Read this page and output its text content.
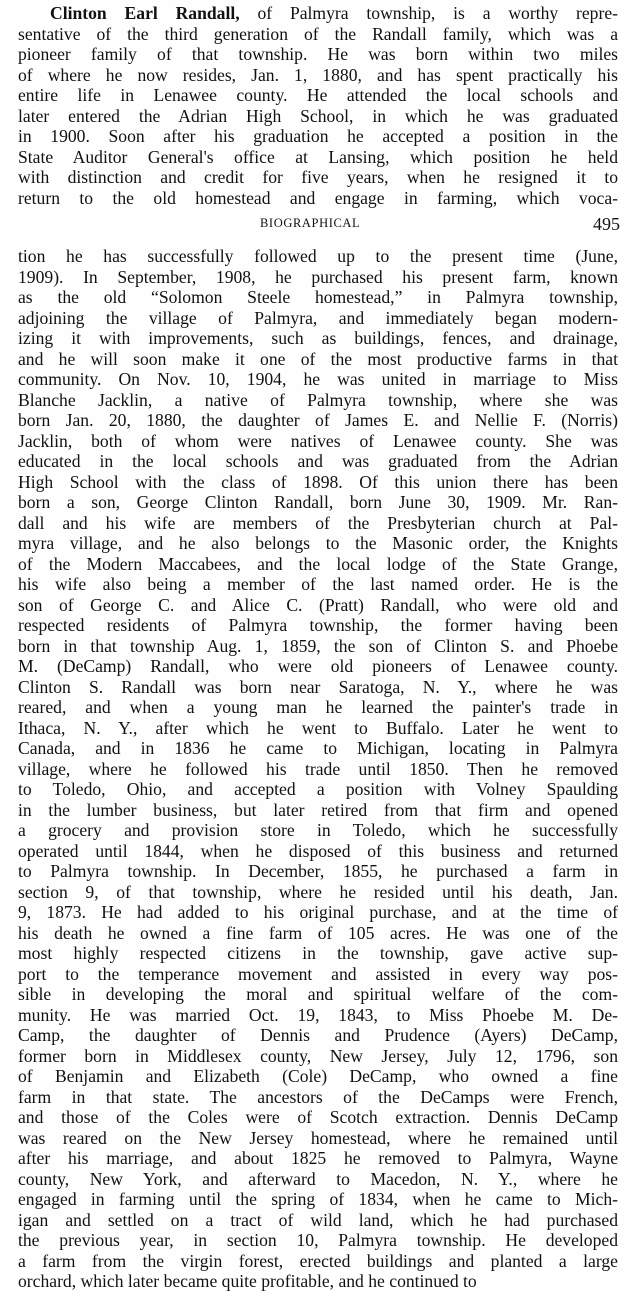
Clinton Earl Randall, of Palmyra township, is a worthy repre-
sentative of the third generation of the Randall family, which was a
pioneer family of that township. He was born within two miles
of where he now resides, Jan. 1, 1880, and has spent practically his
entire life in Lenawee county. He attended the local schools and
later entered the Adrian High School, in which he was graduated
in 1900. Soon after his graduation he accepted a position in the
State Auditor General's office at Lansing, which position he held
with distinction and credit for five years, when he resigned it to
return to the old homestead and engage in farming, which voca-
BIOGRAPHICAL	495
tion he has successfully followed up to the present time (June,
1909). In September, 1908, he purchased his present farm, known
as the old “Solomon Steele homestead,” in Palmyra township,
adjoining the village of Palmyra, and immediately began modern-
izing it with improvements, such as buildings, fences, and drainage,
and he will soon make it one of the most productive farms in that
community. On Nov. 10, 1904, he was united in marriage to Miss
Blanche Jacklin, a native of Palmyra township, where she was
born Jan. 20, 1880, the daughter of James E. and Nellie F. (Norris)
Jacklin, both of whom were natives of Lenawee county. She was
educated in the local schools and was graduated from the Adrian
High School with the class of 1898. Of this union there has been
born a son, George Clinton Randall, born June 30, 1909. Mr. Ran-
dall and his wife are members of the Presbyterian church at Pal-
myra village, and he also belongs to the Masonic order, the Knights
of the Modern Maccabees, and the local lodge of the State Grange,
his wife also being a member of the last named order. He is the
son of George C. and Alice C. (Pratt) Randall, who were old and
respected residents of Palmyra township, the former having been
born in that township Aug. 1, 1859, the son of Clinton S. and Phoebe
M. (DeCamp) Randall, who were old pioneers of Lenawee county.
Clinton S. Randall was born near Saratoga, N. Y., where he was
reared, and when a young man he learned the painter's trade in
Ithaca, N. Y., after which he went to Buffalo. Later he went to
Canada, and in 1836 he came to Michigan, locating in Palmyra
village, where he followed his trade until 1850. Then he removed
to Toledo, Ohio, and accepted a position with Volney Spaulding
in the lumber business, but later retired from that firm and opened
a grocery and provision store in Toledo, which he successfully
operated until 1844, when he disposed of this business and returned
to Palmyra township. In December, 1855, he purchased a farm in
section 9, of that township, where he resided until his death, Jan.
9, 1873. He had added to his original purchase, and at the time of
his death he owned a fine farm of 105 acres. He was one of the
most highly respected citizens in the township, gave active sup-
port to the temperance movement and assisted in every way pos-
sible in developing the moral and spiritual welfare of the com-
munity. He was married Oct. 19, 1843, to Miss Phoebe M. De-
Camp, the daughter of Dennis and Prudence (Ayers) DeCamp,
former born in Middlesex county, New Jersey, July 12, 1796, son
of Benjamin and Elizabeth (Cole) DeCamp, who owned a fine
farm in that state. The ancestors of the DeCamps were French,
and those of the Coles were of Scotch extraction. Dennis DeCamp
was reared on the New Jersey homestead, where he remained until
after his marriage, and about 1825 he removed to Palmyra, Wayne
county, New York, and afterward to Macedon, N. Y., where he
engaged in farming until the spring of 1834, when he came to Mich-
igan and settled on a tract of wild land, which he had purchased
the previous year, in section 10, Palmyra township. He developed
a farm from the virgin forest, erected buildings and planted a large
orchard, which later became quite profitable, and he continued to
